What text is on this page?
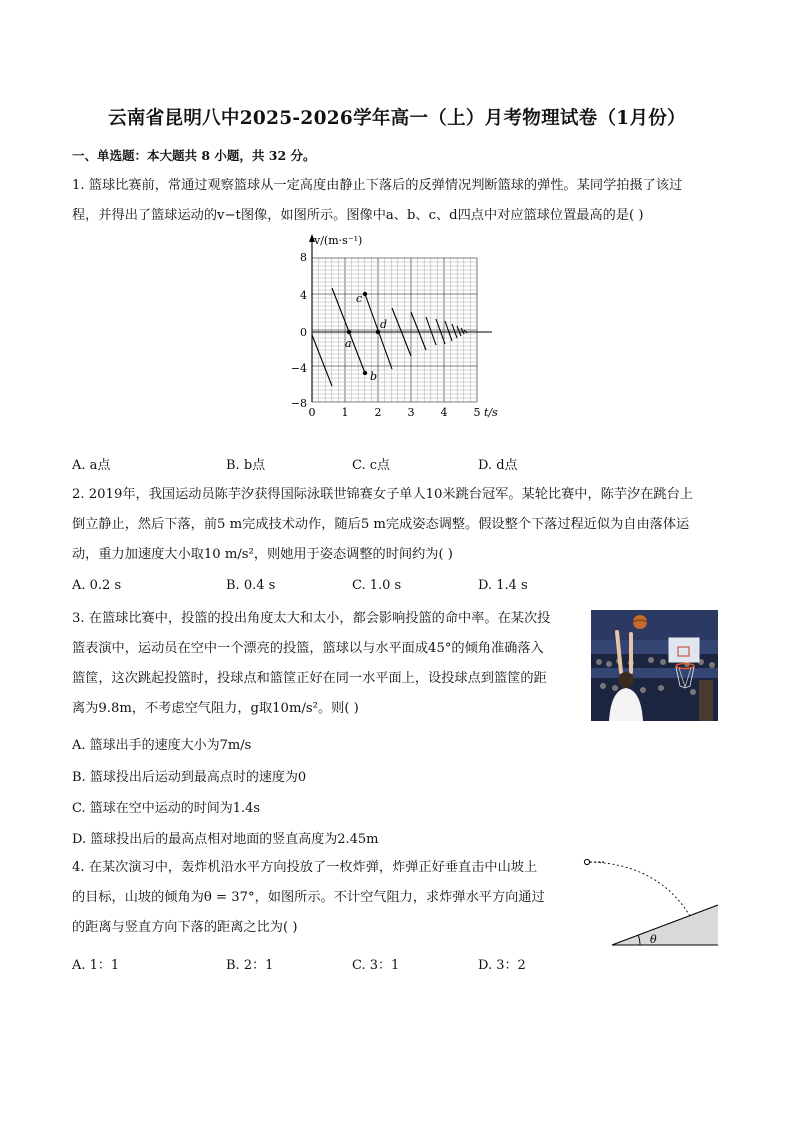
云南省昆明八中2025-2026学年高一（上）月考物理试卷（1月份）
一、单选题：本大题共 8 小题，共 32 分。
1. 篮球比赛前，常通过观察篮球从一定高度由静止下落后的反弹情况判断篮球的弹性。某同学拍摄了该过
程，并得出了篮球运动的v−t图像，如图所示。图像中a、b、c、d四点中对应篮球位置最高的是( )
v/(m·s⁻¹)
t/s
8
4
0
−4
−8
0 1 2 3 4 5
a
b
c
d
A. a点	B. b点	C. c点	D. d点
2. 2019年，我国运动员陈芋汐获得国际泳联世锦赛女子单人10米跳台冠军。某轮比赛中，陈芋汐在跳台上
倒立静止，然后下落，前5 m完成技术动作，随后5 m完成姿态调整。假设整个下落过程近似为自由落体运
动，重力加速度大小取10 m/s²，则她用于姿态调整的时间约为( )
A. 0.2 s	B. 0.4 s	C. 1.0 s	D. 1.4 s
3. 在篮球比赛中，投篮的投出角度太大和太小，都会影响投篮的命中率。在某次投
篮表演中，运动员在空中一个漂亮的投篮，篮球以与水平面成45°的倾角准确落入
篮筐，这次跳起投篮时，投球点和篮筐正好在同一水平面上，设投球点到篮筐的距
离为9.8m，不考虑空气阻力，g取10m/s²。则( )
A. 篮球出手的速度大小为7m/s
B. 篮球投出后运动到最高点时的速度为0
C. 篮球在空中运动的时间为1.4s
D. 篮球投出后的最高点相对地面的竖直高度为2.45m
4. 在某次演习中，轰炸机沿水平方向投放了一枚炸弹，炸弹正好垂直击中山坡上
的目标，山坡的倾角为θ = 37°，如图所示。不计空气阻力，求炸弹水平方向通过
的距离与竖直方向下落的距离之比为( )
θ
A. 1：1	B. 2：1	C. 3：1	D. 3：2
